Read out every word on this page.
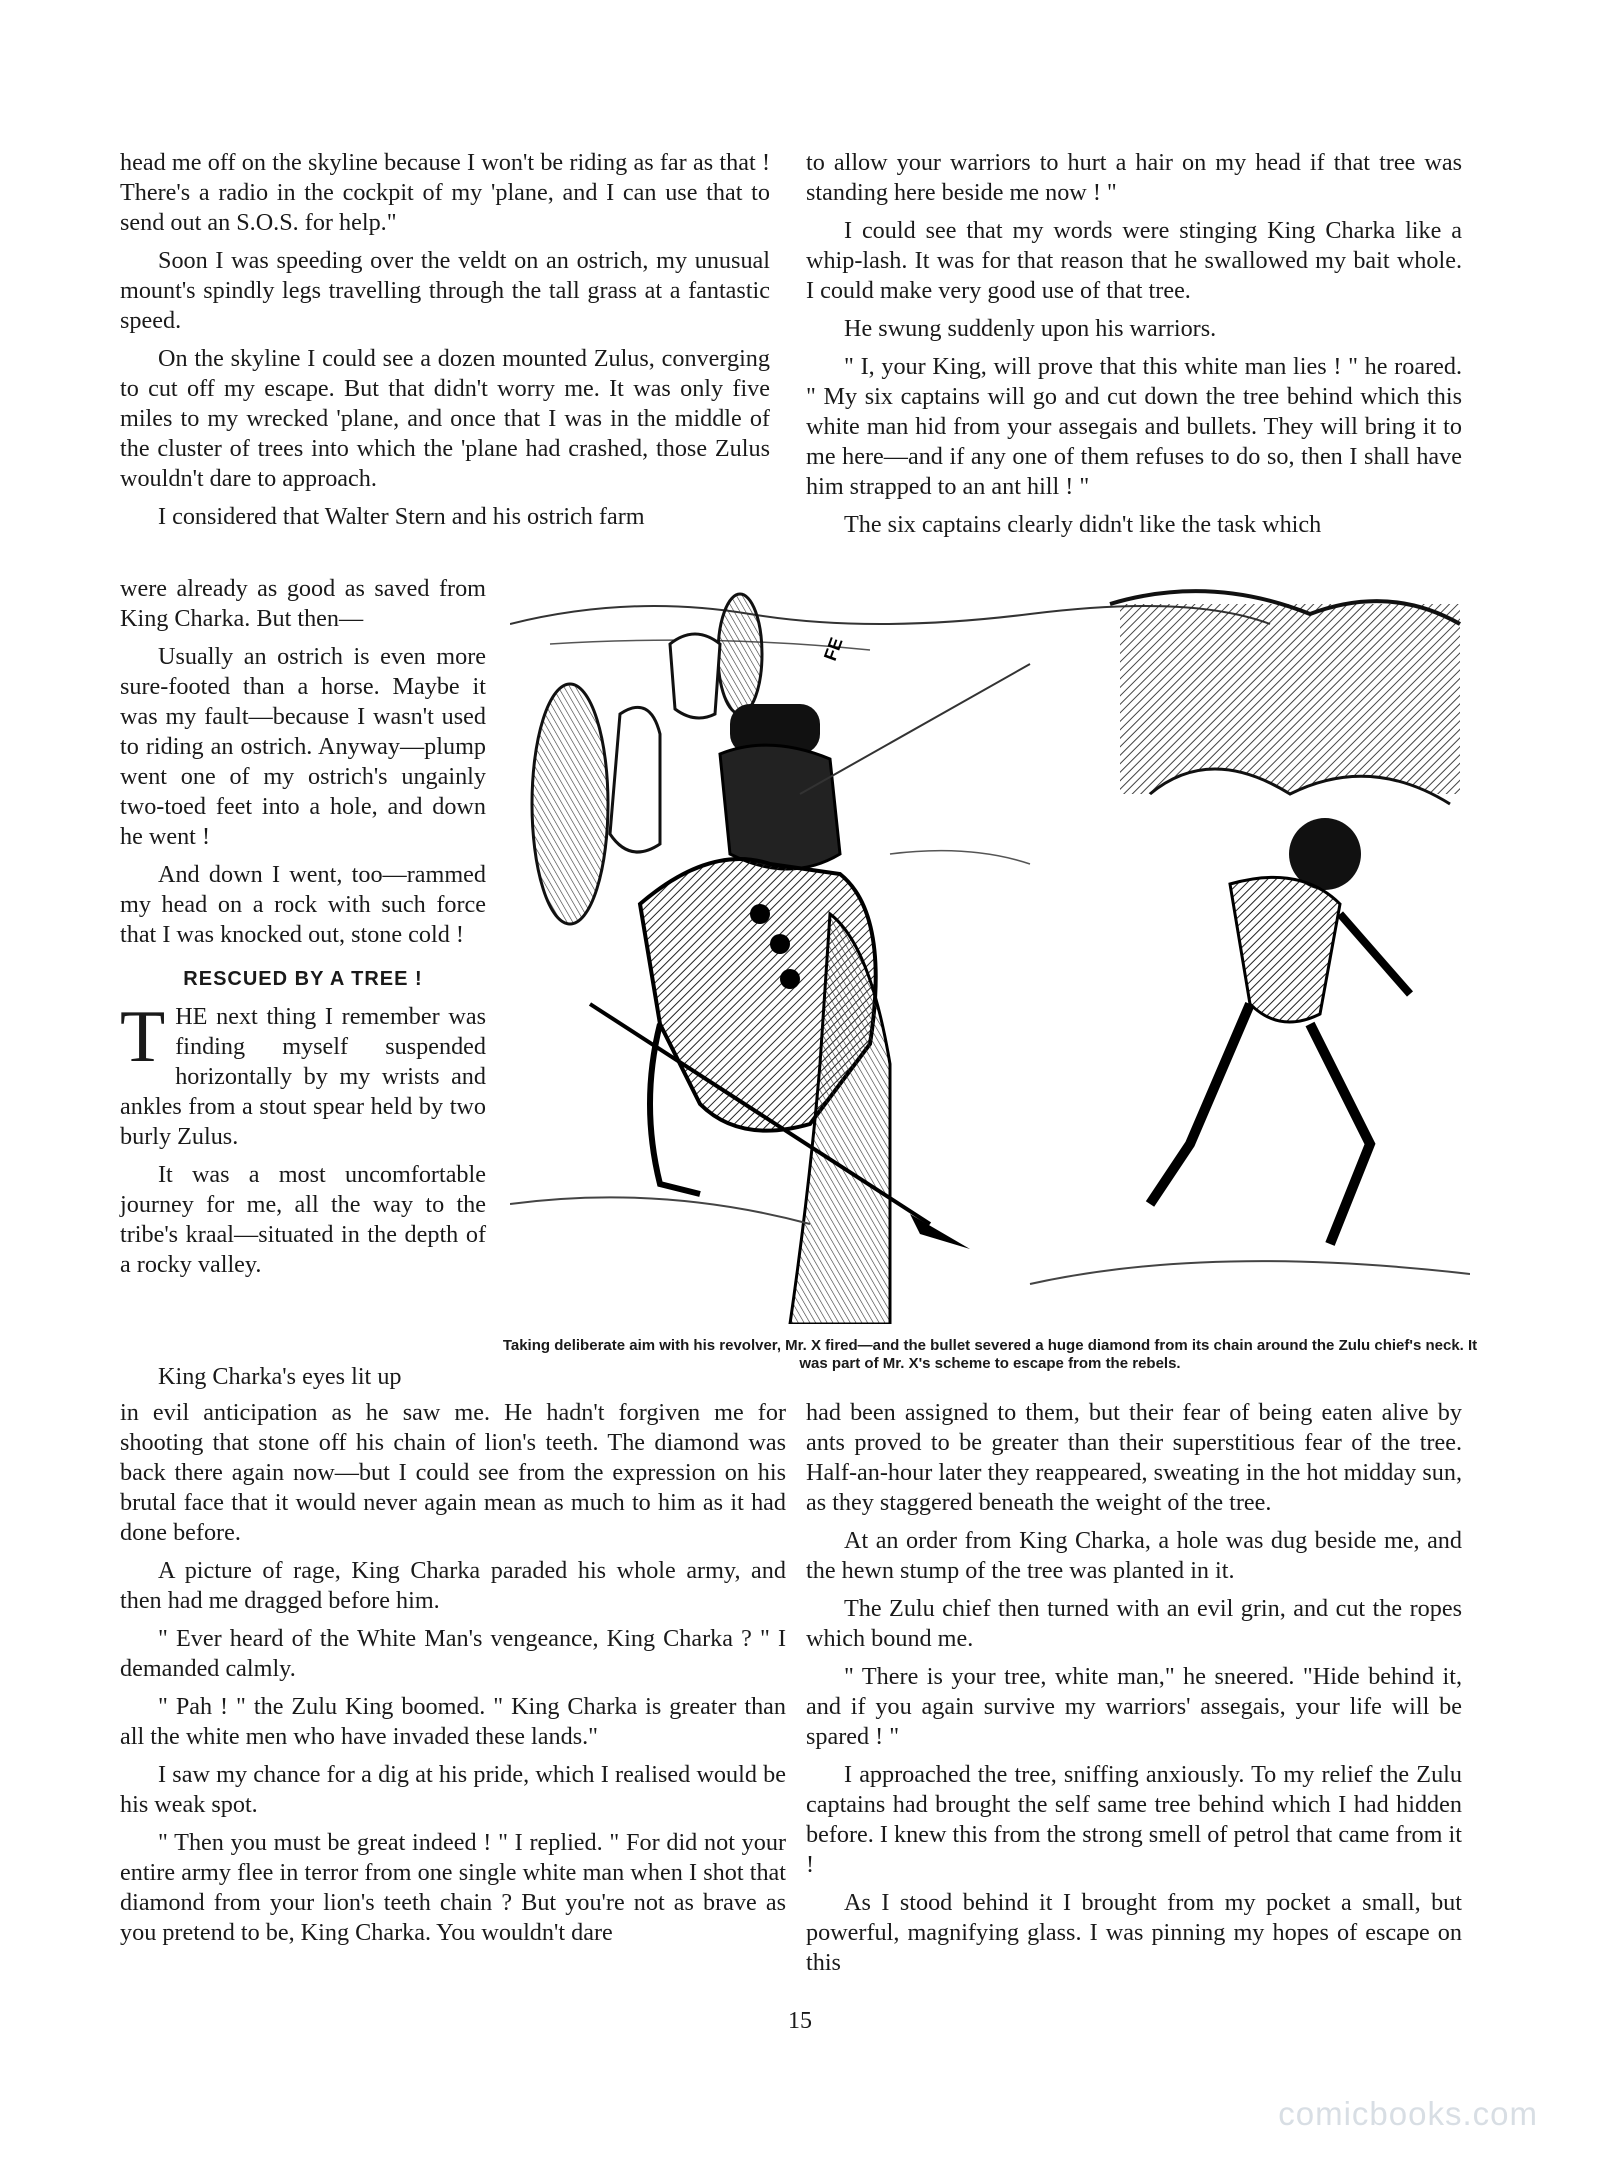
head me off on the skyline because I won't be riding as far as that ! There's a radio in the cockpit of my 'plane, and I can use that to send out an S.O.S. for help."

Soon I was speeding over the veldt on an ostrich, my unusual mount's spindly legs travelling through the tall grass at a fantastic speed.

On the skyline I could see a dozen mounted Zulus, converging to cut off my escape. But that didn't worry me. It was only five miles to my wrecked 'plane, and once that I was in the middle of the cluster of trees into which the 'plane had crashed, those Zulus wouldn't dare to approach.

I considered that Walter Stern and his ostrich farm

to allow your warriors to hurt a hair on my head if that tree was standing here beside me now ! "

I could see that my words were stinging King Charka like a whip-lash. It was for that reason that he swallowed my bait whole. I could make very good use of that tree.

He swung suddenly upon his warriors.

" I, your King, will prove that this white man lies ! " he roared. " My six captains will go and cut down the tree behind which this white man hid from your assegais and bullets. They will bring it to me here—and if any one of them refuses to do so, then I shall have him strapped to an ant hill ! "

The six captains clearly didn't like the task which

were already as good as saved from King Charka. But then—

Usually an ostrich is even more sure-footed than a horse. Maybe it was my fault—because I wasn't used to riding an ostrich. Anyway—plump went one of my ostrich's ungainly two-toed feet into a hole, and down he went !

And down I went, too—rammed my head on a rock with such force that I was knocked out, stone cold !

RESCUED BY A TREE !

THE next thing I remember was finding myself suspended horizontally by my wrists and ankles from a stout spear held by two burly Zulus.

It was a most uncomfortable journey for me, all the way to the tribe's kraal—situated in the depth of a rocky valley.

King Charka's eyes lit up
FE
Taking deliberate aim with his revolver, Mr. X fired—and the bullet severed a huge diamond from its chain around the Zulu chief's neck. It was part of Mr. X's scheme to escape from the rebels.

in evil anticipation as he saw me. He hadn't forgiven me for shooting that stone off his chain of lion's teeth. The diamond was back there again now—but I could see from the expression on his brutal face that it would never again mean as much to him as it had done before.

A picture of rage, King Charka paraded his whole army, and then had me dragged before him.

" Ever heard of the White Man's vengeance, King Charka ? " I demanded calmly.

" Pah ! " the Zulu King boomed. " King Charka is greater than all the white men who have invaded these lands."

I saw my chance for a dig at his pride, which I realised would be his weak spot.

" Then you must be great indeed ! " I replied. " For did not your entire army flee in terror from one single white man when I shot that diamond from your lion's teeth chain ? But you're not as brave as you pretend to be, King Charka. You wouldn't dare

had been assigned to them, but their fear of being eaten alive by ants proved to be greater than their superstitious fear of the tree. Half-an-hour later they reappeared, sweating in the hot midday sun, as they staggered beneath the weight of the tree.

At an order from King Charka, a hole was dug beside me, and the hewn stump of the tree was planted in it.

The Zulu chief then turned with an evil grin, and cut the ropes which bound me.

" There is your tree, white man," he sneered. "Hide behind it, and if you again survive my warriors' assegais, your life will be spared ! "

I approached the tree, sniffing anxiously. To my relief the Zulu captains had brought the self same tree behind which I had hidden before. I knew this from the strong smell of petrol that came from it !

As I stood behind it I brought from my pocket a small, but powerful, magnifying glass. I was pinning my hopes of escape on this

15
comicbooks.com
